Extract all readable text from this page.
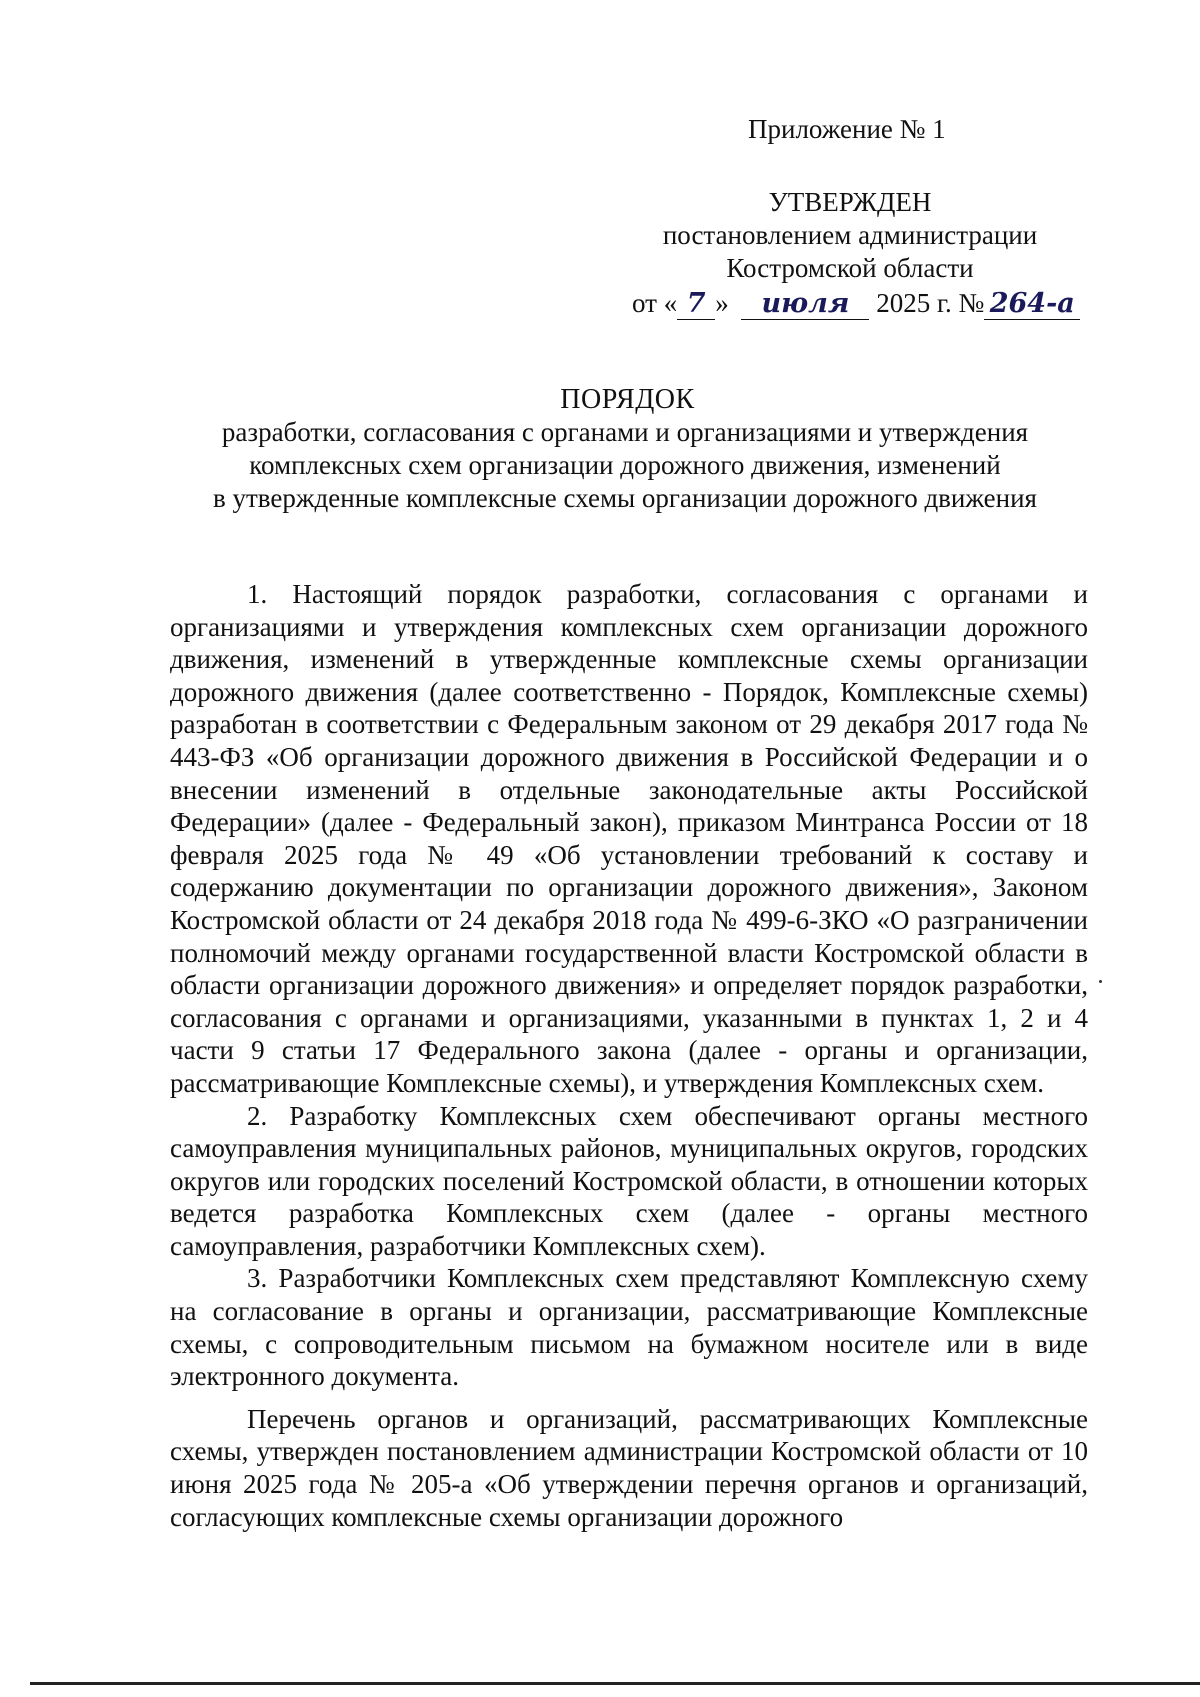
Приложение № 1
УТВЕРЖДЕН
постановлением администрации
Костромской области
от « 7 » июля 2025 г. № 264-а
ПОРЯДОК
разработки, согласования с органами и организациями и утверждения
комплексных схем организации дорожного движения, изменений
в утвержденные комплексные схемы организации дорожного движения

1. Настоящий порядок разработки, согласования с органами и организациями и утверждения комплексных схем организации дорожного движения, изменений в утвержденные комплексные схемы организации дорожного движения (далее соответственно - Порядок, Комплексные схемы) разработан в соответствии с Федеральным законом от 29 декабря 2017 года № 443-ФЗ «Об организации дорожного движения в Российской Федерации и о внесении изменений в отдельные законодательные акты Российской Федерации» (далее - Федеральный закон), приказом Минтранса России от 18 февраля 2025 года № 49 «Об установлении требований к составу и содержанию документации по организации дорожного движения», Законом Костромской области от 24 декабря 2018 года № 499-6-ЗКО «О разграничении полномочий между органами государственной власти Костромской области в области организации дорожного движения» и определяет порядок разработки, согласования с органами и организациями, указанными в пунктах 1, 2 и 4 части 9 статьи 17 Федерального закона (далее - органы и организации, рассматривающие Комплексные схемы), и утверждения Комплексных схем.

2. Разработку Комплексных схем обеспечивают органы местного самоуправления муниципальных районов, муниципальных округов, городских округов или городских поселений Костромской области, в отношении которых ведется разработка Комплексных схем (далее - органы местного самоуправления, разработчики Комплексных схем).

3. Разработчики Комплексных схем представляют Комплексную схему на согласование в органы и организации, рассматривающие Комплексные схемы, с сопроводительным письмом на бумажном носителе или в виде электронного документа.

Перечень органов и организаций, рассматривающих Комплексные схемы, утвержден постановлением администрации Костромской области от 10 июня 2025 года № 205-а «Об утверждении перечня органов и организаций, согласующих комплексные схемы организации дорожного
